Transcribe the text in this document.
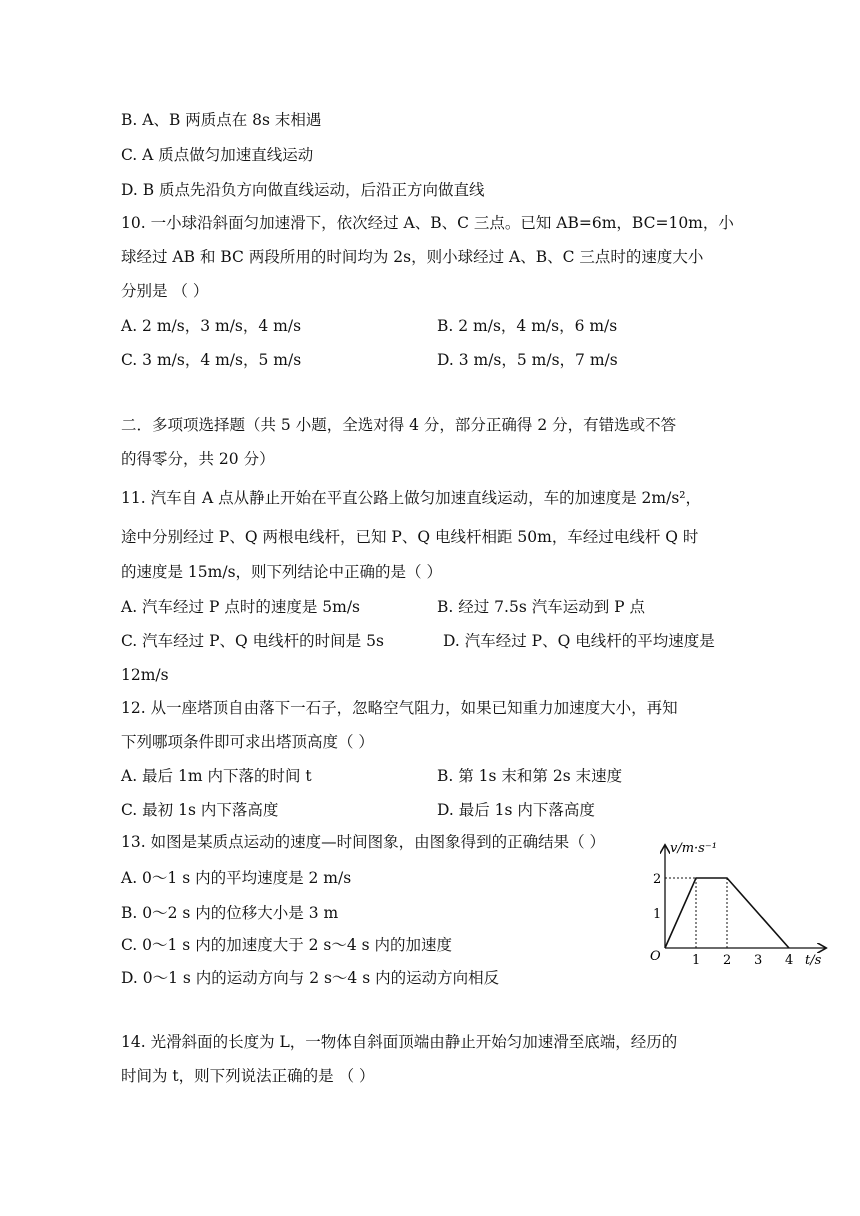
B. A、B 两质点在 8s 末相遇
C. A 质点做匀加速直线运动
D. B 质点先沿负方向做直线运动，后沿正方向做直线
10. 一小球沿斜面匀加速滑下，依次经过 A、B、C 三点。已知 AB=6m，BC=10m，小
球经过 AB 和 BC 两段所用的时间均为 2s，则小球经过 A、B、C 三点时的速度大小
分别是 （ ）
二．多项项选择题（共 5 小题，全选对得 4 分，部分正确得 2 分，有错选或不答
的得零分，共 20 分）
11. 汽车自 A 点从静止开始在平直公路上做匀加速直线运动，车的加速度是 2m/s²，
途中分别经过 P、Q 两根电线杆，已知 P、Q 电线杆相距 50m，车经过电线杆 Q 时
的速度是 15m/s，则下列结论中正确的是（ ）
12m/s
12. 从一座塔顶自由落下一石子，忽略空气阻力，如果已知重力加速度大小，再知
下列哪项条件即可求出塔顶高度（ ）
13. 如图是某质点运动的速度—时间图象，由图象得到的正确结果（ ）
A. 0～1 s 内的平均速度是 2 m/s
B. 0～2 s 内的位移大小是 3 m
C. 0～1 s 内的加速度大于 2 s～4 s 内的加速度
D. 0～1 s 内的运动方向与 2 s～4 s 内的运动方向相反
14. 光滑斜面的长度为 L，一物体自斜面顶端由静止开始匀加速滑至底端，经历的
时间为 t，则下列说法正确的是 （ ）
A. 2 m/s，3 m/s，4 m/s	B. 2 m/s，4 m/s，6 m/s
C. 3 m/s，4 m/s，5 m/s	D. 3 m/s，5 m/s，7 m/s
A. 汽车经过 P 点时的速度是 5m/s	B. 经过 7.5s 汽车运动到 P 点
C. 汽车经过 P、Q 电线杆的时间是 5s	D. 汽车经过 P、Q 电线杆的平均速度是
A. 最后 1m 内下落的时间 t	B. 第 1s 末和第 2s 末速度
C. 最初 1s 内下落高度	D. 最后 1s 内下落高度
v/m·s⁻¹
t/s
O 1 2 3 4
1
2
